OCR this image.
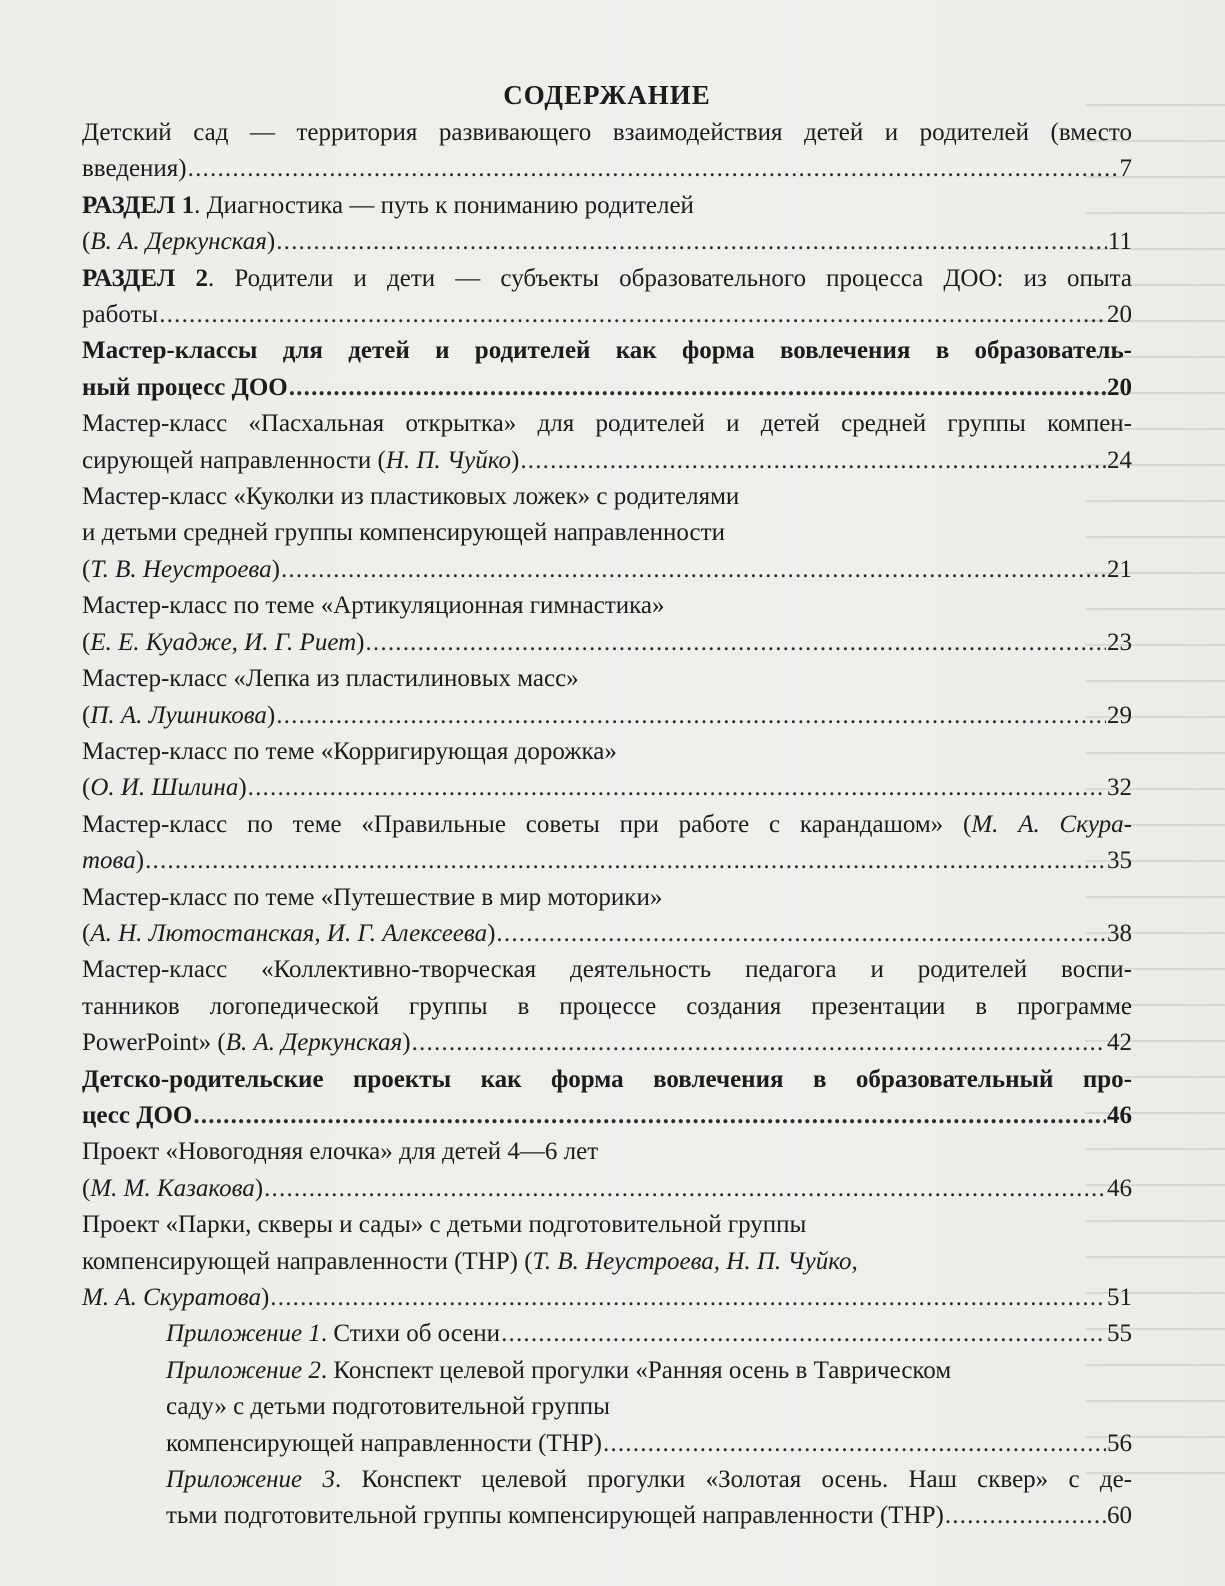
СОДЕРЖАНИЕ
Детский сад — территория развивающего взаимодействия детей и родителей (вместо
введения) .....	7
РАЗДЕЛ 1. Диагностика — путь к пониманию родителей
(В. А. Деркунская) .....	11
РАЗДЕЛ 2. Родители и дети — субъекты образовательного процесса ДОО: из опыта
работы .....	20
Мастер-классы для детей и родителей как форма вовлечения в образователь-
ный процесс ДОО .....	20
Мастер-класс «Пасхальная открытка» для родителей и детей средней группы компен-
сирующей направленности (Н. П. Чуйко) .....	24
Мастер-класс «Куколки из пластиковых ложек» с родителями
и детьми средней группы компенсирующей направленности
(Т. В. Неустроева) .....	21
Мастер-класс по теме «Артикуляционная гимнастика»
(Е. Е. Куадже, И. Г. Риет) .....	23
Мастер-класс «Лепка из пластилиновых масс»
(П. А. Лушникова) .....	29
Мастер-класс по теме «Корригирующая дорожка»
(О. И. Шилина) .....	32
Мастер-класс по теме «Правильные советы при работе с карандашом» (М. А. Скура-
това) .....	35
Мастер-класс по теме «Путешествие в мир моторики»
(А. Н. Лютостанская, И. Г. Алексеева) .....	38
Мастер-класс «Коллективно-творческая деятельность педагога и родителей воспи-
танников логопедической группы в процессе создания презентации в программе
PowerPoint» (В. А. Деркунская) .....	42
Детско-родительские проекты как форма вовлечения в образовательный про-
цесс ДОО .....	46
Проект «Новогодняя елочка» для детей 4—6 лет
(М. М. Казакова) .....	46
Проект «Парки, скверы и сады» с детьми подготовительной группы
компенсирующей направленности (ТНР) (Т. В. Неустроева, Н. П. Чуйко,
М. А. Скуратова) .....	51
Приложение 1. Стихи об осени .....	55
Приложение 2. Конспект целевой прогулки «Ранняя осень в Таврическом
саду» с детьми подготовительной группы
компенсирующей направленности (ТНР) .....	56
Приложение 3. Конспект целевой прогулки «Золотая осень. Наш сквер» с де-
тьми подготовительной группы компенсирующей направленности (ТНР) .....	60
